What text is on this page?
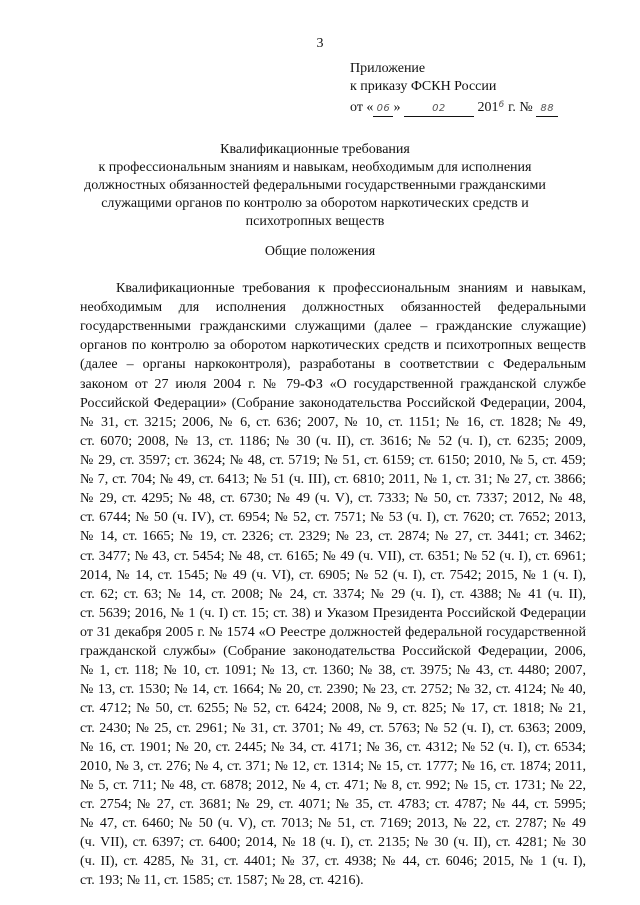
3
Приложение
к приказу ФСКН России
от « 06 »	02 $201^6$ г. № 88
Квалификационные требования
к профессиональным знаниям и навыкам, необходимым для исполнения
должностных обязанностей федеральными государственными гражданскими
служащими органов по контролю за оборотом наркотических средств и
психотропных веществ
Общие положения
Квалификационные требования к профессиональным знаниям и навыкам,
необходимым для исполнения должностных обязанностей федеральными
государственными гражданскими служащими (далее – гражданские служащие)
органов по контролю за оборотом наркотических средств и психотропных веществ
(далее – органы наркоконтроля), разработаны в соответствии с Федеральным
законом от 27 июля 2004 г. № 79-ФЗ «О государственной гражданской службе
Российской Федерации» (Собрание законодательства Российской Федерации, 2004,
№ 31, ст. 3215; 2006, № 6, ст. 636; 2007, № 10, ст. 1151; № 16, ст. 1828; № 49,
ст. 6070; 2008, № 13, ст. 1186; № 30 (ч. II), ст. 3616; № 52 (ч. I), ст. 6235; 2009,
№ 29, ст. 3597; ст. 3624; № 48, ст. 5719; № 51, ст. 6159; ст. 6150; 2010, № 5, ст. 459;
№ 7, ст. 704; № 49, ст. 6413; № 51 (ч. III), ст. 6810; 2011, № 1, ст. 31; № 27, ст. 3866;
№ 29, ст. 4295; № 48, ст. 6730; № 49 (ч. V), ст. 7333; № 50, ст. 7337; 2012, № 48,
ст. 6744; № 50 (ч. IV), ст. 6954; № 52, ст. 7571; № 53 (ч. I), ст. 7620; ст. 7652; 2013,
№ 14, ст. 1665; № 19, ст. 2326; ст. 2329; № 23, ст. 2874; № 27, ст. 3441; ст. 3462;
ст. 3477; № 43, ст. 5454; № 48, ст. 6165; № 49 (ч. VII), ст. 6351; № 52 (ч. I), ст. 6961;
2014, № 14, ст. 1545; № 49 (ч. VI), ст. 6905; № 52 (ч. I), ст. 7542; 2015, № 1 (ч. I),
ст. 62; ст. 63; № 14, ст. 2008; № 24, ст. 3374; № 29 (ч. I), ст. 4388; № 41 (ч. II),
ст. 5639; 2016, № 1 (ч. I) ст. 15; ст. 38) и Указом Президента Российской Федерации
от 31 декабря 2005 г. № 1574 «О Реестре должностей федеральной государственной
гражданской службы» (Собрание законодательства Российской Федерации, 2006,
№ 1, ст. 118; № 10, ст. 1091; № 13, ст. 1360; № 38, ст. 3975; № 43, ст. 4480; 2007,
№ 13, ст. 1530; № 14, ст. 1664; № 20, ст. 2390; № 23, ст. 2752; № 32, ст. 4124; № 40,
ст. 4712; № 50, ст. 6255; № 52, ст. 6424; 2008, № 9, ст. 825; № 17, ст. 1818; № 21,
ст. 2430; № 25, ст. 2961; № 31, ст. 3701; № 49, ст. 5763; № 52 (ч. I), ст. 6363; 2009,
№ 16, ст. 1901; № 20, ст. 2445; № 34, ст. 4171; № 36, ст. 4312; № 52 (ч. I), ст. 6534;
2010, № 3, ст. 276; № 4, ст. 371; № 12, ст. 1314; № 15, ст. 1777; № 16, ст. 1874; 2011,
№ 5, ст. 711; № 48, ст. 6878; 2012, № 4, ст. 471; № 8, ст. 992; № 15, ст. 1731; № 22,
ст. 2754; № 27, ст. 3681; № 29, ст. 4071; № 35, ст. 4783; ст. 4787; № 44, ст. 5995;
№ 47, ст. 6460; № 50 (ч. V), ст. 7013; № 51, ст. 7169; 2013, № 22, ст. 2787; № 49
(ч. VII), ст. 6397; ст. 6400; 2014, № 18 (ч. I), ст. 2135; № 30 (ч. II), ст. 4281; № 30
(ч. II), ст. 4285, № 31, ст. 4401; № 37, ст. 4938; № 44, ст. 6046; 2015, № 1 (ч. I),
ст. 193; № 11, ст. 1585; ст. 1587; № 28, ст. 4216).
